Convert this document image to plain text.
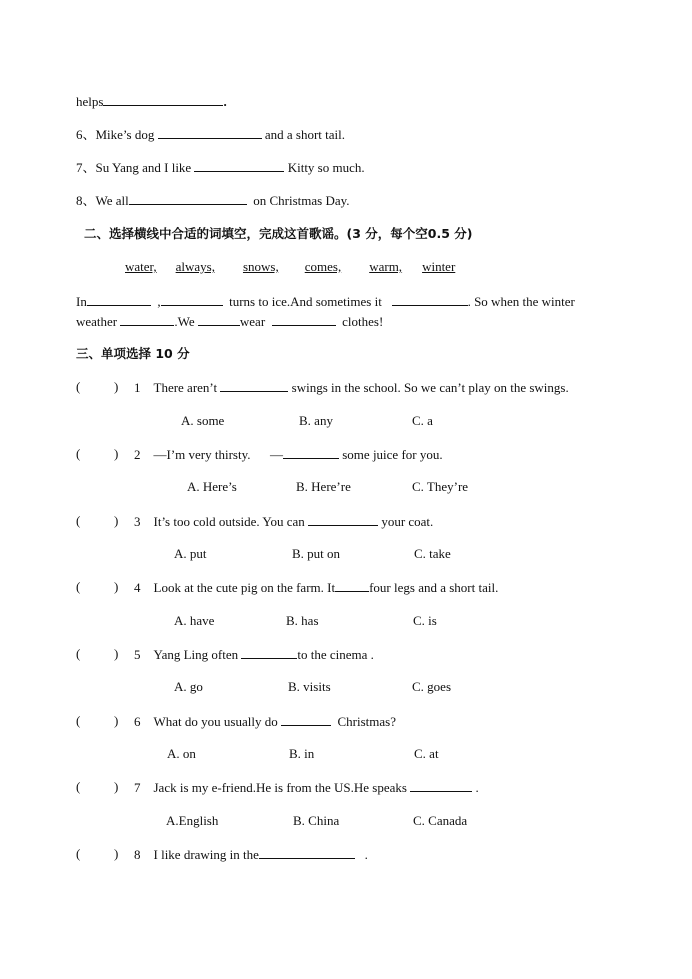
helps	.
6、Mike’s dog	and a short tail.
7、Su Yang and I like	Kitty so much.
8、We all	on Christmas Day.
二、选择横线中合适的词填空，完成这首歌谣。(3 分，每个空0.5 分)
water, always, snows, comes, warm, winter
In	,	turns to ice.And sometimes it	. So when the winter
weather	.We	wear	clothes!
三、单项选择 10 分
(	) 1 There aren’t	swings in the school. So we can’t play on the swings.
A. some	B. any	C. a
(	) 2 —I’m very thirsty.      —	some juice for you.
A. Here’s	B. Here’re	C. They’re
(	) 3 It’s too cold outside. You can	your coat.
A. put	B. put on	C. take
(	) 4 Look at the cute pig on the farm. It	four legs and a short tail.
A. have	B. has	C. is
(	) 5 Yang Ling often	to the cinema .
A. go	B. visits	C. goes
(	) 6 What do you usually do	Christmas?
A. on	B. in	C. at
(	) 7 Jack is my e-friend.He is from the US.He speaks	.
A.English	B. China	C. Canada
(	) 8 I like drawing in the	.
